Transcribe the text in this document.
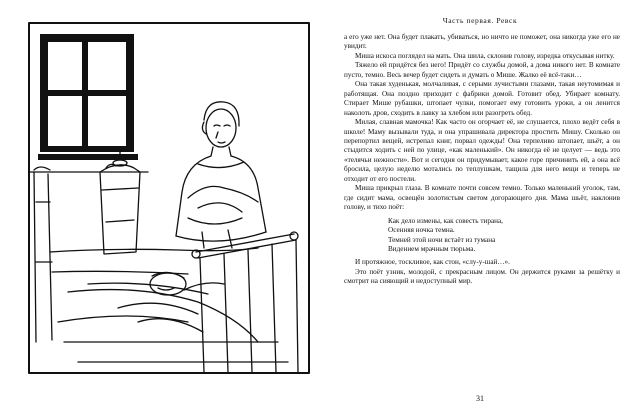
Часть первая. Ревск

а его уже нет. Она будет плакать, убиваться, но ничто не поможет, она никогда уже его не увидит.

Миша искоса поглядел на мать. Она шила, склонив голову, изредка откусывая нитку.

Тяжело ей придётся без него! Придёт со службы домой, а дома никого нет. В комнате пусто, темно. Весь вечер будет сидеть и думать о Мише. Жалко её всё-таки…

Она такая худенькая, молчаливая, с серыми лучистыми глазами, такая неутомимая и работящая. Она поздно приходит с фабрики домой. Готовит обед. Убирает комнату. Стирает Мише рубашки, штопает чулки, помогает ему готовить уроки, а он ленится наколоть дров, сходить в лавку за хлебом или разогреть обед.

Милая, славная мамочка! Как часто он огорчает её, не слушается, плохо ведёт себя в школе! Маму вызывали туда, и она упрашивала директора простить Мишу. Сколько он перепортил вещей, истрепал книг, порвал одежды! Она терпеливо штопает, шьёт, а он стыдится ходить с ней по улице, «как маленький». Он никогда её не целует — ведь это «телячьи нежности». Вот и сегодня он придумывает, какое горе причинить ей, а она всё бросила, целую неделю мотались по теплушкам, тащила для него вещи и теперь не отходит от его постели.

Миша прикрыл глаза. В комнате почти совсем темно. Только маленький уголок, там, где сидит мама, освещён золотистым светом догорающего дня. Мама шьёт, наклонив голову, и тихо поёт:

Как дело измены, как совесть тирана,
Осенняя ночка темна.
Темней этой ночи встаёт из тумана
Видением мрачным тюрьма.

И протяжное, тоскливое, как стон, «слу-у-шай…».

Это поёт узник, молодой, с прекрасным лицом. Он держится руками за решётку и смотрит на сияющий и недоступный мир.

31
